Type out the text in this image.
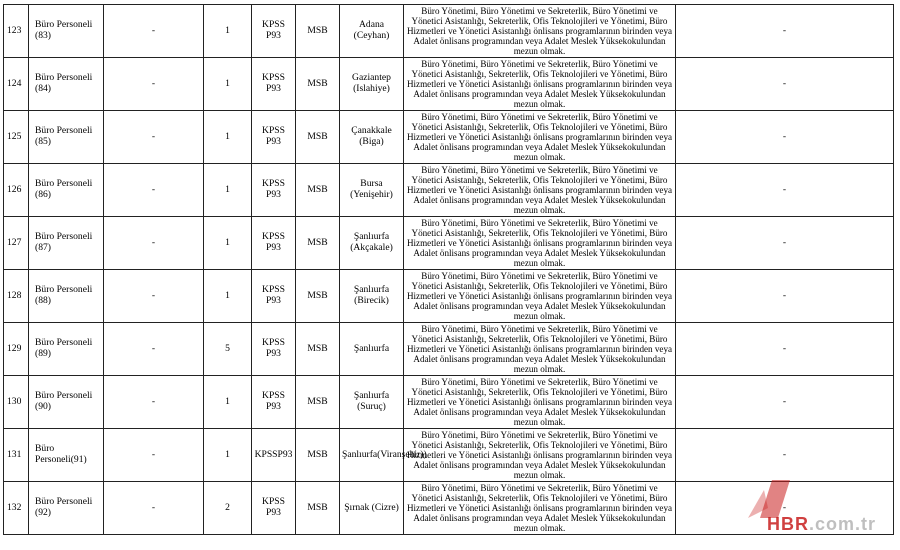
123	Büro Personeli (83)	-	1	KPSS P93	MSB	Adana (Ceyhan)	Büro Yönetimi, Büro Yönetimi ve Sekreterlik, Büro Yönetimi ve Yönetici Asistanlığı, Sekreterlik, Ofis Teknolojileri ve Yönetimi, Büro Hizmetleri ve Yönetici Asistanlığı önlisans programlarının birinden veya Adalet önlisans programından veya Adalet Meslek Yüksekokulundan mezun olmak.	-
124	Büro Personeli (84)	-	1	KPSS P93	MSB	Gaziantep (Islahiye)	Büro Yönetimi, Büro Yönetimi ve Sekreterlik, Büro Yönetimi ve Yönetici Asistanlığı, Sekreterlik, Ofis Teknolojileri ve Yönetimi, Büro Hizmetleri ve Yönetici Asistanlığı önlisans programlarının birinden veya Adalet önlisans programından veya Adalet Meslek Yüksekokulundan mezun olmak.	-
125	Büro Personeli (85)	-	1	KPSS P93	MSB	Çanakkale (Biga)	Büro Yönetimi, Büro Yönetimi ve Sekreterlik, Büro Yönetimi ve Yönetici Asistanlığı, Sekreterlik, Ofis Teknolojileri ve Yönetimi, Büro Hizmetleri ve Yönetici Asistanlığı önlisans programlarının birinden veya Adalet önlisans programından veya Adalet Meslek Yüksekokulundan mezun olmak.	-
126	Büro Personeli (86)	-	1	KPSS P93	MSB	Bursa (Yenişehir)	Büro Yönetimi, Büro Yönetimi ve Sekreterlik, Büro Yönetimi ve Yönetici Asistanlığı, Sekreterlik, Ofis Teknolojileri ve Yönetimi, Büro Hizmetleri ve Yönetici Asistanlığı önlisans programlarının birinden veya Adalet önlisans programından veya Adalet Meslek Yüksekokulundan mezun olmak.	-
127	Büro Personeli (87)	-	1	KPSS P93	MSB	Şanlıurfa (Akçakale)	Büro Yönetimi, Büro Yönetimi ve Sekreterlik, Büro Yönetimi ve Yönetici Asistanlığı, Sekreterlik, Ofis Teknolojileri ve Yönetimi, Büro Hizmetleri ve Yönetici Asistanlığı önlisans programlarının birinden veya Adalet önlisans programından veya Adalet Meslek Yüksekokulundan mezun olmak.	-
128	Büro Personeli (88)	-	1	KPSS P93	MSB	Şanlıurfa (Birecik)	Büro Yönetimi, Büro Yönetimi ve Sekreterlik, Büro Yönetimi ve Yönetici Asistanlığı, Sekreterlik, Ofis Teknolojileri ve Yönetimi, Büro Hizmetleri ve Yönetici Asistanlığı önlisans programlarının birinden veya Adalet önlisans programından veya Adalet Meslek Yüksekokulundan mezun olmak.	-
129	Büro Personeli (89)	-	5	KPSS P93	MSB	Şanlıurfa	Büro Yönetimi, Büro Yönetimi ve Sekreterlik, Büro Yönetimi ve Yönetici Asistanlığı, Sekreterlik, Ofis Teknolojileri ve Yönetimi, Büro Hizmetleri ve Yönetici Asistanlığı önlisans programlarının birinden veya Adalet önlisans programından veya Adalet Meslek Yüksekokulundan mezun olmak.	-
130	Büro Personeli (90)	-	1	KPSS P93	MSB	Şanlıurfa (Suruç)	Büro Yönetimi, Büro Yönetimi ve Sekreterlik, Büro Yönetimi ve Yönetici Asistanlığı, Sekreterlik, Ofis Teknolojileri ve Yönetimi, Büro Hizmetleri ve Yönetici Asistanlığı önlisans programlarının birinden veya Adalet önlisans programından veya Adalet Meslek Yüksekokulundan mezun olmak.	-
131	Büro Personeli(91)	-	1	KPSSP93	MSB	Şanlıurfa(Viranşehir))	Büro Yönetimi, Büro Yönetimi ve Sekreterlik, Büro Yönetimi ve Yönetici Asistanlığı, Sekreterlik, Ofis Teknolojileri ve Yönetimi, Büro Hizmetleri ve Yönetici Asistanlığı önlisans programlarının birinden veya Adalet önlisans programından veya Adalet Meslek Yüksekokulundan mezun olmak.	-
132	Büro Personeli (92)	-	2	KPSS P93	MSB	Şırnak (Cizre)	Büro Yönetimi, Büro Yönetimi ve Sekreterlik, Büro Yönetimi ve Yönetici Asistanlığı, Sekreterlik, Ofis Teknolojileri ve Yönetimi, Büro Hizmetleri ve Yönetici Asistanlığı önlisans programlarının birinden veya Adalet önlisans programından veya Adalet Meslek Yüksekokulundan mezun olmak.	-
HBR.com.tr
